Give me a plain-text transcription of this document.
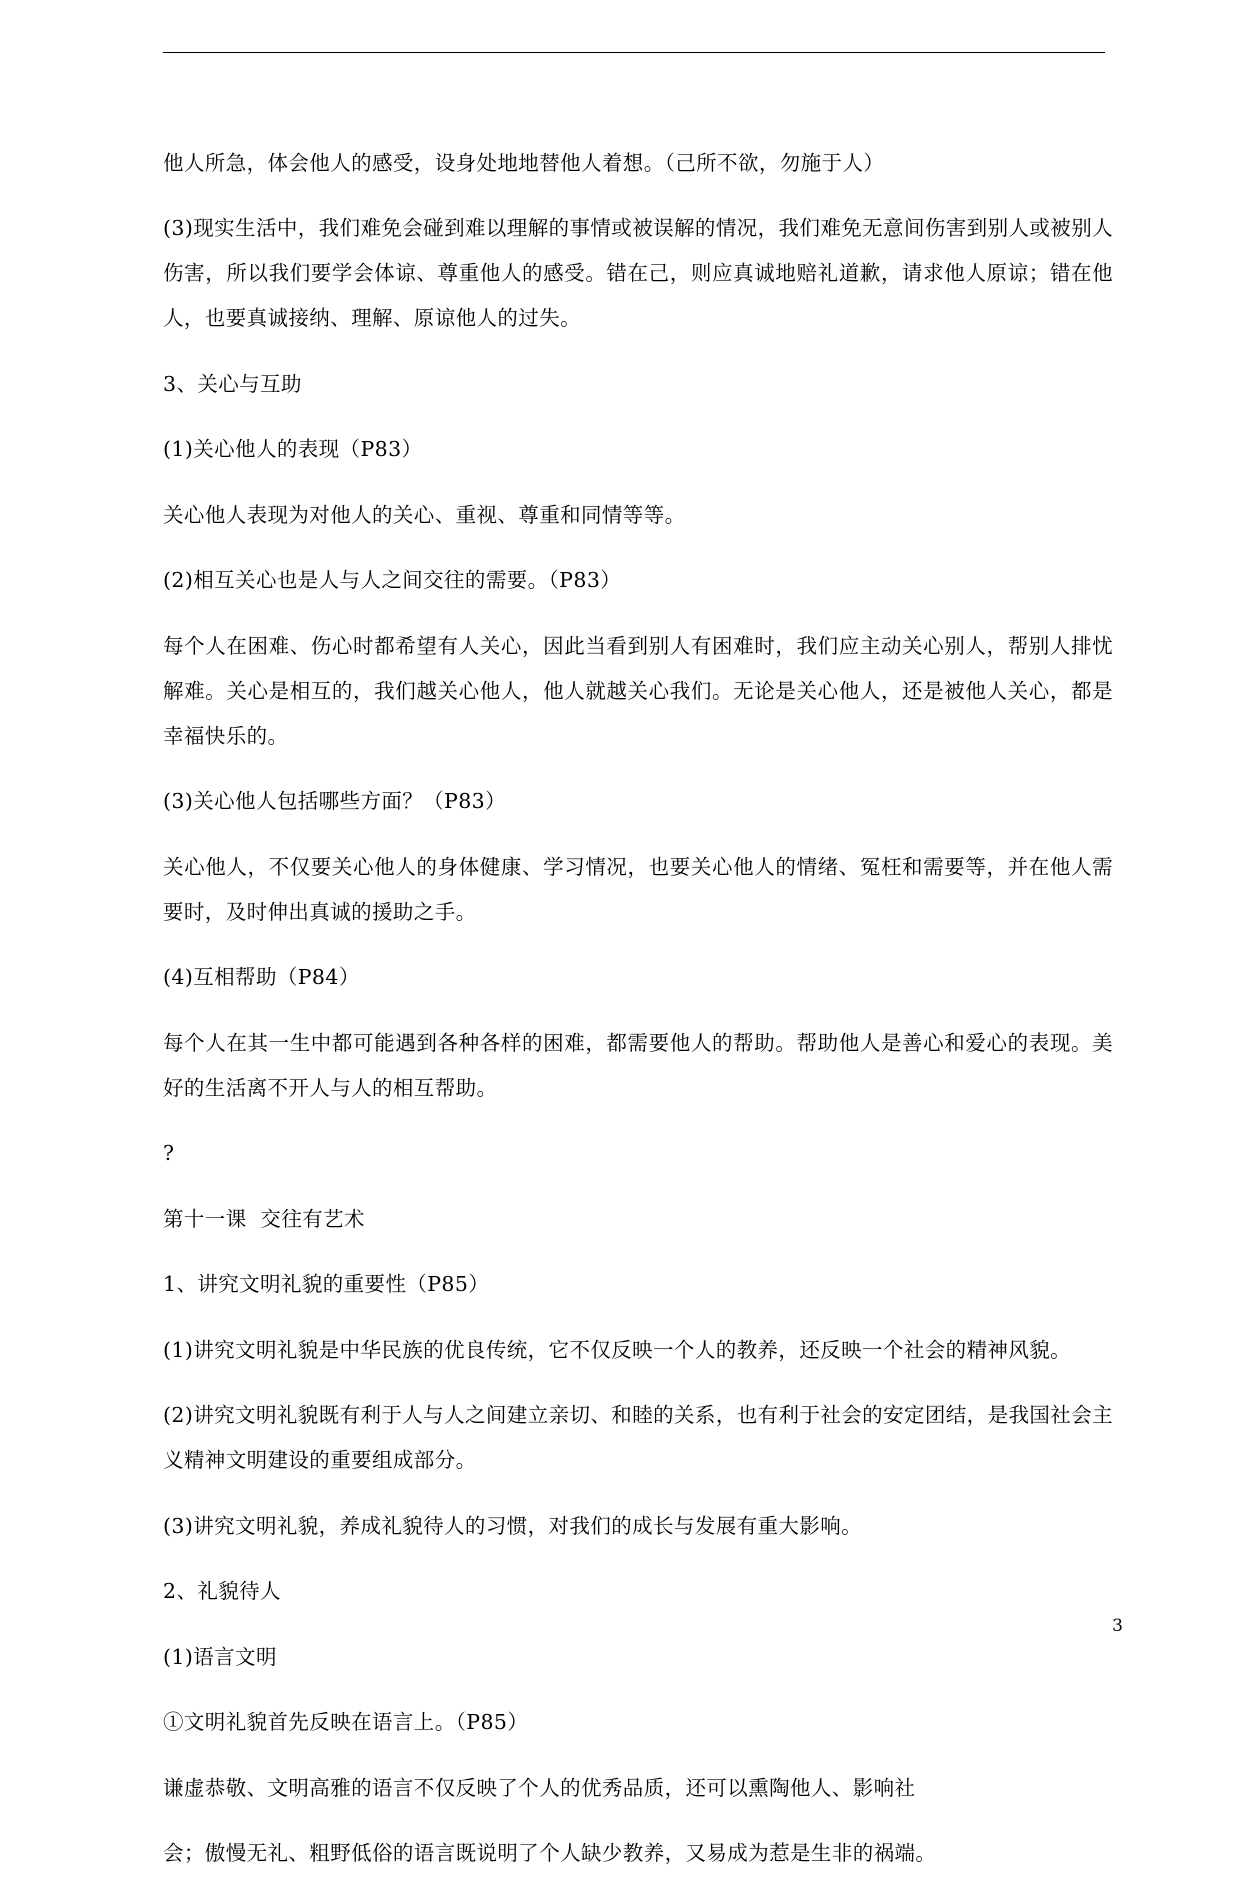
他人所急，体会他人的感受，设身处地地替他人着想。（己所不欲，勿施于人）

(3)现实生活中，我们难免会碰到难以理解的事情或被误解的情况，我们难免无意间伤害到别人或被别人伤害，所以我们要学会体谅、尊重他人的感受。错在己，则应真诚地赔礼道歉，请求他人原谅；错在他人，也要真诚接纳、理解、原谅他人的过失。

3、关心与互助

(1)关心他人的表现（P83）

关心他人表现为对他人的关心、重视、尊重和同情等等。

(2)相互关心也是人与人之间交往的需要。（P83）

每个人在困难、伤心时都希望有人关心，因此当看到别人有困难时，我们应主动关心别人，帮别人排忧解难。关心是相互的，我们越关心他人，他人就越关心我们。无论是关心他人，还是被他人关心，都是幸福快乐的。

(3)关心他人包括哪些方面？（P83）

关心他人，不仅要关心他人的身体健康、学习情况，也要关心他人的情绪、冤枉和需要等，并在他人需要时，及时伸出真诚的援助之手。

(4)互相帮助（P84）

每个人在其一生中都可能遇到各种各样的困难，都需要他人的帮助。帮助他人是善心和爱心的表现。美好的生活离不开人与人的相互帮助。

?

第十一课  交往有艺术

1、讲究文明礼貌的重要性（P85）

(1)讲究文明礼貌是中华民族的优良传统，它不仅反映一个人的教养，还反映一个社会的精神风貌。

(2)讲究文明礼貌既有利于人与人之间建立亲切、和睦的关系，也有利于社会的安定团结，是我国社会主义精神文明建设的重要组成部分。

(3)讲究文明礼貌，养成礼貌待人的习惯，对我们的成长与发展有重大影响。

2、礼貌待人

(1)语言文明

①文明礼貌首先反映在语言上。（P85）

谦虚恭敬、文明高雅的语言不仅反映了个人的优秀品质，还可以熏陶他人、影响社

会；傲慢无礼、粗野低俗的语言既说明了个人缺少教养，又易成为惹是生非的祸端。

3
